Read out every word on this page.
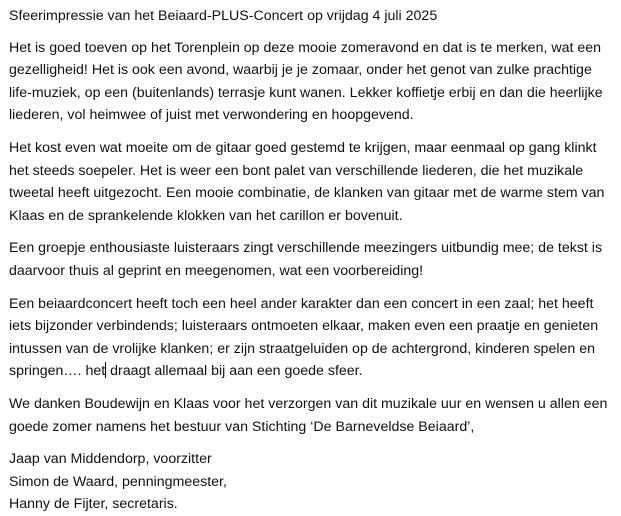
Sfeerimpressie van het Beiaard-PLUS-Concert op vrijdag 4 juli 2025

Het is goed toeven op het Torenplein op deze mooie zomeravond en dat is te merken, wat een gezelligheid! Het is ook een avond, waarbij je je zomaar, onder het genot van zulke prachtige life-muziek, op een (buitenlands) terrasje kunt wanen. Lekker koffietje erbij en dan die heerlijke liederen, vol heimwee of juist met verwondering en hoopgevend.

Het kost even wat moeite om de gitaar goed gestemd te krijgen, maar eenmaal op gang klinkt het steeds soepeler. Het is weer een bont palet van verschillende liederen, die het muzikale tweetal heeft uitgezocht. Een mooie combinatie, de klanken van gitaar met de warme stem van Klaas en de sprankelende klokken van het carillon er bovenuit.

Een groepje enthousiaste luisteraars zingt verschillende meezingers uitbundig mee; de tekst is daarvoor thuis al geprint en meegenomen, wat een voorbereiding!

Een beiaardconcert heeft toch een heel ander karakter dan een concert in een zaal; het heeft iets bijzonder verbindends; luisteraars ontmoeten elkaar, maken even een praatje en genieten intussen van de vrolijke klanken; er zijn straatgeluiden op de achtergrond, kinderen spelen en springen…. het draagt allemaal bij aan een goede sfeer.

We danken Boudewijn en Klaas voor het verzorgen van dit muzikale uur en wensen u allen een goede zomer namens het bestuur van Stichting ‘De Barneveldse Beiaard’,

Jaap van Middendorp, voorzitter
Simon de Waard, penningmeester,
Hanny de Fijter, secretaris.
